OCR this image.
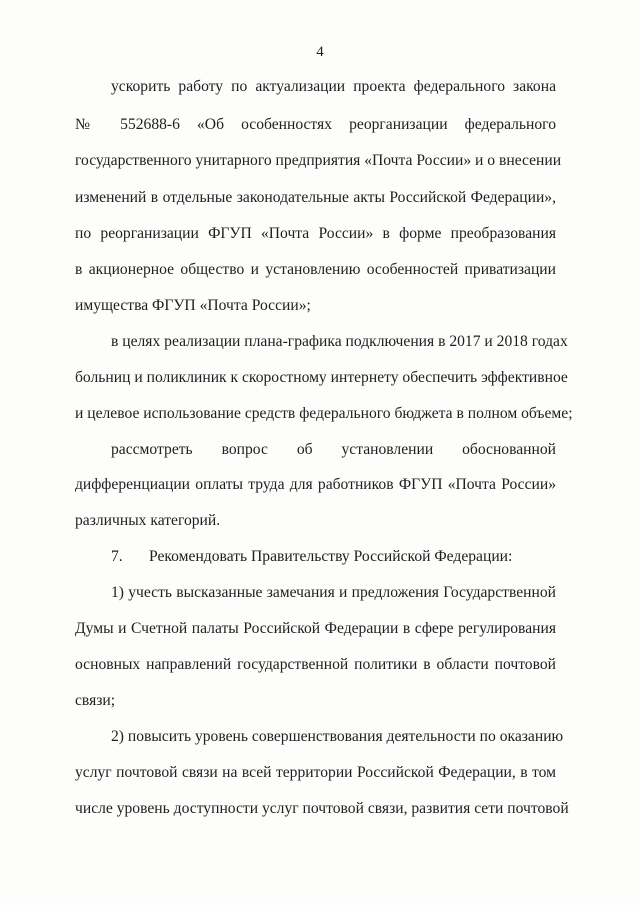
4
ускорить работу по актуализации проекта федерального закона
№ 552688-6 «Об особенностях реорганизации федерального
государственного унитарного предприятия «Почта России» и о внесении
изменений в отдельные законодательные акты Российской Федерации»,
по реорганизации ФГУП «Почта России» в форме преобразования
в акционерное общество и установлению особенностей приватизации
имущества ФГУП «Почта России»;
в целях реализации плана-графика подключения в 2017 и 2018 годах
больниц и поликлиник к скоростному интернету обеспечить эффективное
и целевое использование средств федерального бюджета в полном объеме;
рассмотреть вопрос об установлении обоснованной
дифференциации оплаты труда для работников ФГУП «Почта России»
различных категорий.
7. Рекомендовать Правительству Российской Федерации:
1) учесть высказанные замечания и предложения Государственной
Думы и Счетной палаты Российской Федерации в сфере регулирования
основных направлений государственной политики в области почтовой
связи;
2) повысить уровень совершенствования деятельности по оказанию
услуг почтовой связи на всей территории Российской Федерации, в том
числе уровень доступности услуг почтовой связи, развития сети почтовой
